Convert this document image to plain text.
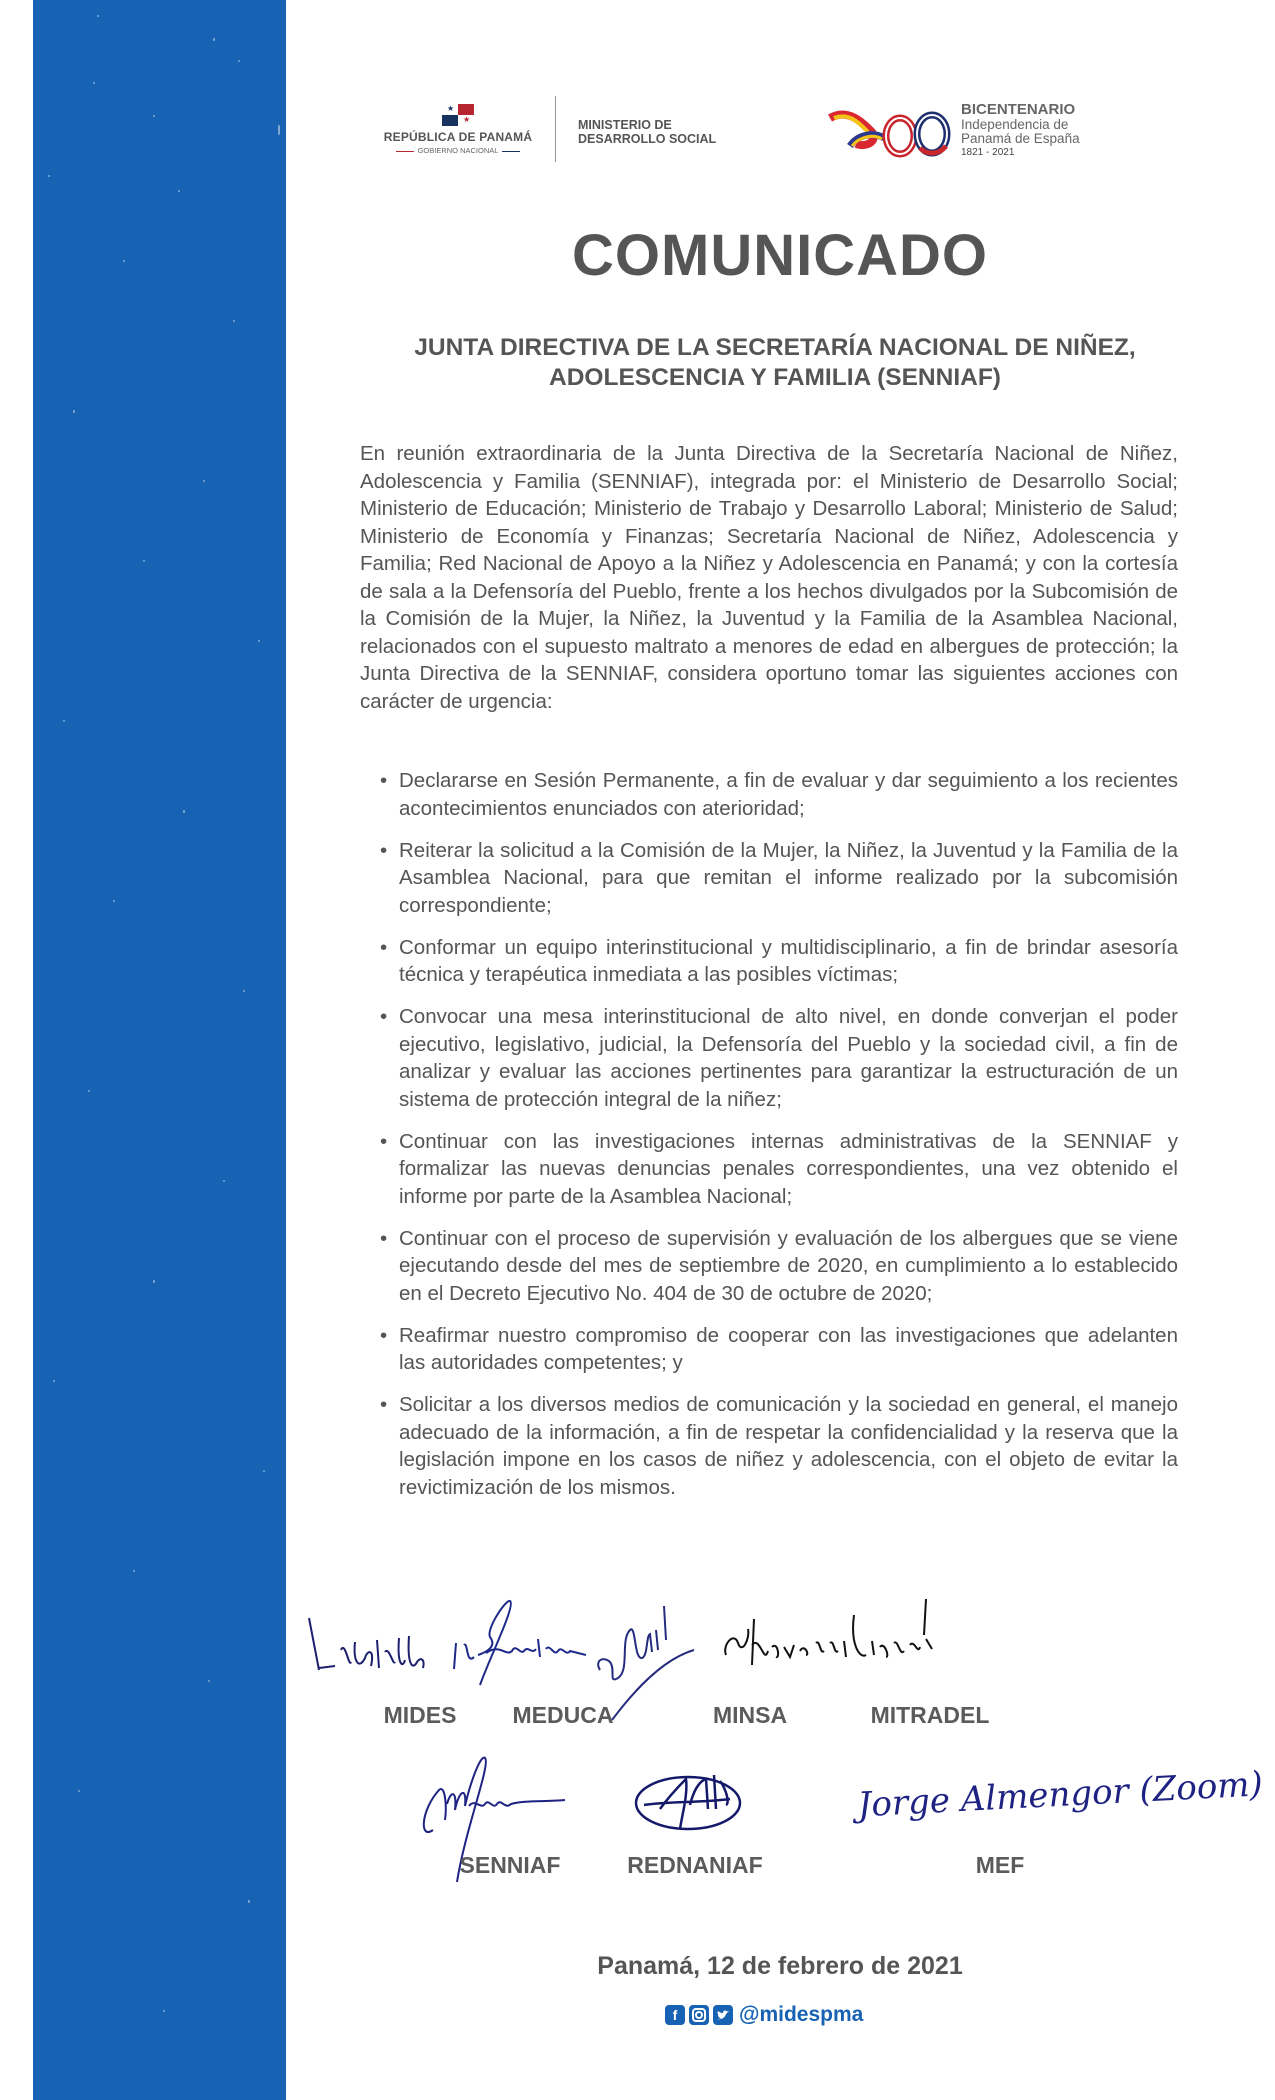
★
★
REPÚBLICA DE PANAMÁ
GOBIERNO NACIONAL
MINISTERIO DE
DESARROLLO SOCIAL
BICENTENARIO
Independencia de
Panamá de España
1821 - 2021
COMUNICADO
JUNTA DIRECTIVA DE LA SECRETARÍA NACIONAL DE NIÑEZ,
ADOLESCENCIA Y FAMILIA (SENNIAF)
En reunión extraordinaria de la Junta Directiva de la Secretaría Nacional de Niñez, Adolescencia y Familia (SENNIAF), integrada por: el Ministerio de Desarrollo Social; Ministerio de Educación; Ministerio de Trabajo y Desarrollo Laboral; Ministerio de Salud; Ministerio de Economía y Finanzas; Secretaría Nacional de Niñez, Adolescencia y Familia; Red Nacional de Apoyo a la Niñez y Adolescencia en Panamá; y con la cortesía de sala a la Defensoría del Pueblo, frente a los hechos divulgados por la Subcomisión de la Comisión de la Mujer, la Niñez, la Juventud y la Familia de la Asamblea Nacional, relacionados con el supuesto maltrato a menores de edad en albergues de protección; la Junta Directiva de la SENNIAF, considera oportuno tomar las siguientes acciones con carácter de urgencia:
• Declararse en Sesión Permanente, a fin de evaluar y dar seguimiento a los recientes acontecimientos enunciados con aterioridad;
• Reiterar la solicitud a la Comisión de la Mujer, la Niñez, la Juventud y la Familia de la Asamblea Nacional, para que remitan el informe realizado por la subcomisión correspondiente;
• Conformar un equipo interinstitucional y multidisciplinario, a fin de brindar asesoría técnica y terapéutica inmediata a las posibles víctimas;
• Convocar una mesa interinstitucional de alto nivel, en donde converjan el poder ejecutivo, legislativo, judicial, la Defensoría del Pueblo y la sociedad civil, a fin de analizar y evaluar las acciones pertinentes para garantizar la estructuración de un sistema de protección integral de la niñez;
• Continuar con las investigaciones internas administrativas de la SENNIAF y formalizar las nuevas denuncias penales correspondientes, una vez obtenido el informe por parte de la Asamblea Nacional;
• Continuar con el proceso de supervisión y evaluación de los albergues que se viene ejecutando desde del mes de septiembre de 2020, en cumplimiento a lo establecido en el Decreto Ejecutivo No. 404 de 30 de octubre de 2020;
• Reafirmar nuestro compromiso de cooperar con las investigaciones que adelanten las autoridades competentes; y
• Solicitar a los diversos medios de comunicación y la sociedad en general, el manejo adecuado de la información, a fin de respetar la confidencialidad y la reserva que la legislación impone en los casos de niñez y adolescencia, con el objeto de evitar la revictimización de los mismos.
MIDES	MEDUCA	MINSA	MITRADEL
Jorge Almengor (Zoom)
SENNIAF	REDNANIAF	MEF
Panamá, 12 de febrero de 2021
f	@midespma
